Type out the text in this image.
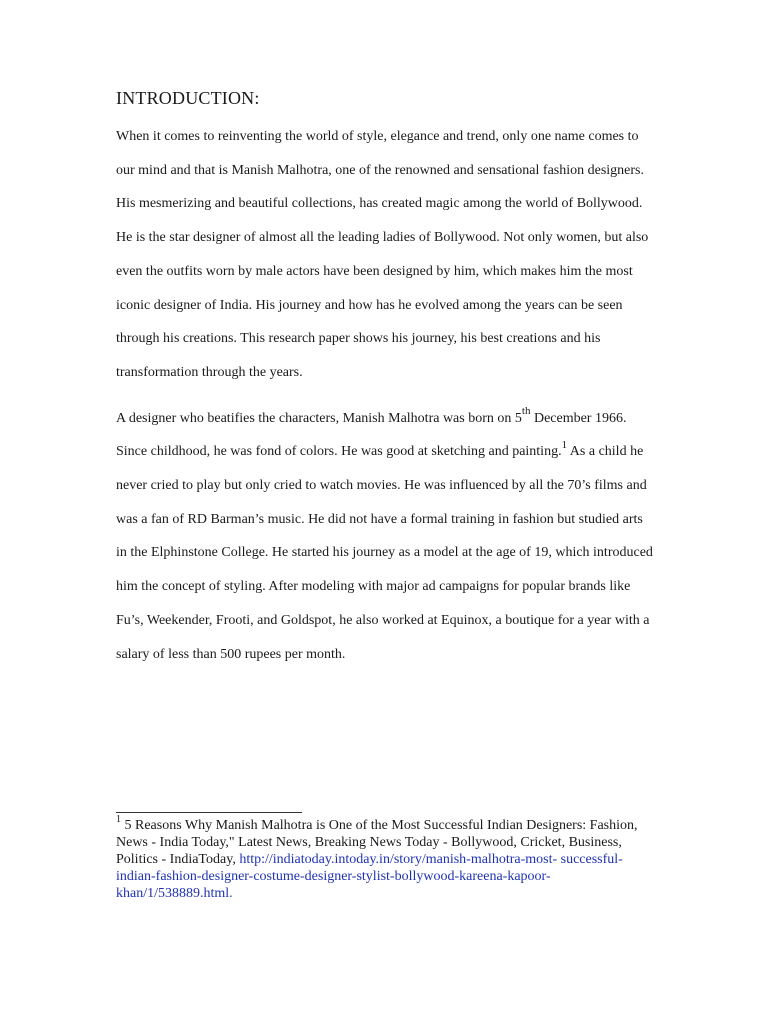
INTRODUCTION:

When it comes to reinventing the world of style, elegance and trend, only one name comes to our mind and that is Manish Malhotra, one of the renowned and sensational fashion designers. His mesmerizing and beautiful collections, has created magic among the world of Bollywood. He is the star designer of almost all the leading ladies of Bollywood. Not only women, but also even the outfits worn by male actors have been designed by him, which makes him the most iconic designer of India. His journey and how has he evolved among the years can be seen through his creations. This research paper shows his journey, his best creations and his transformation through the years.

A designer who beatifies the characters, Manish Malhotra was born on 5th December 1966. Since childhood, he was fond of colors. He was good at sketching and painting.$^1$ As a child he never cried to play but only cried to watch movies. He was influenced by all the 70’s films and was a fan of RD Barman’s music. He did not have a formal training in fashion but studied arts in the Elphinstone College. He started his journey as a model at the age of 19, which introduced him the concept of styling. After modeling with major ad campaigns for popular brands like Fu’s, Weekender, Frooti, and Goldspot, he also worked at Equinox, a boutique for a year with a salary of less than 500 rupees per month.

$^1$ 5 Reasons Why Manish Malhotra is One of the Most Successful Indian Designers: Fashion, News - India Today," Latest News, Breaking News Today - Bollywood, Cricket, Business, Politics - IndiaToday, http://indiatoday.intoday.in/story/manish-malhotra-most- successful-indian-fashion-designer-costume-designer-stylist-bollywood-kareena-kapoor-khan/1/538889.html.
